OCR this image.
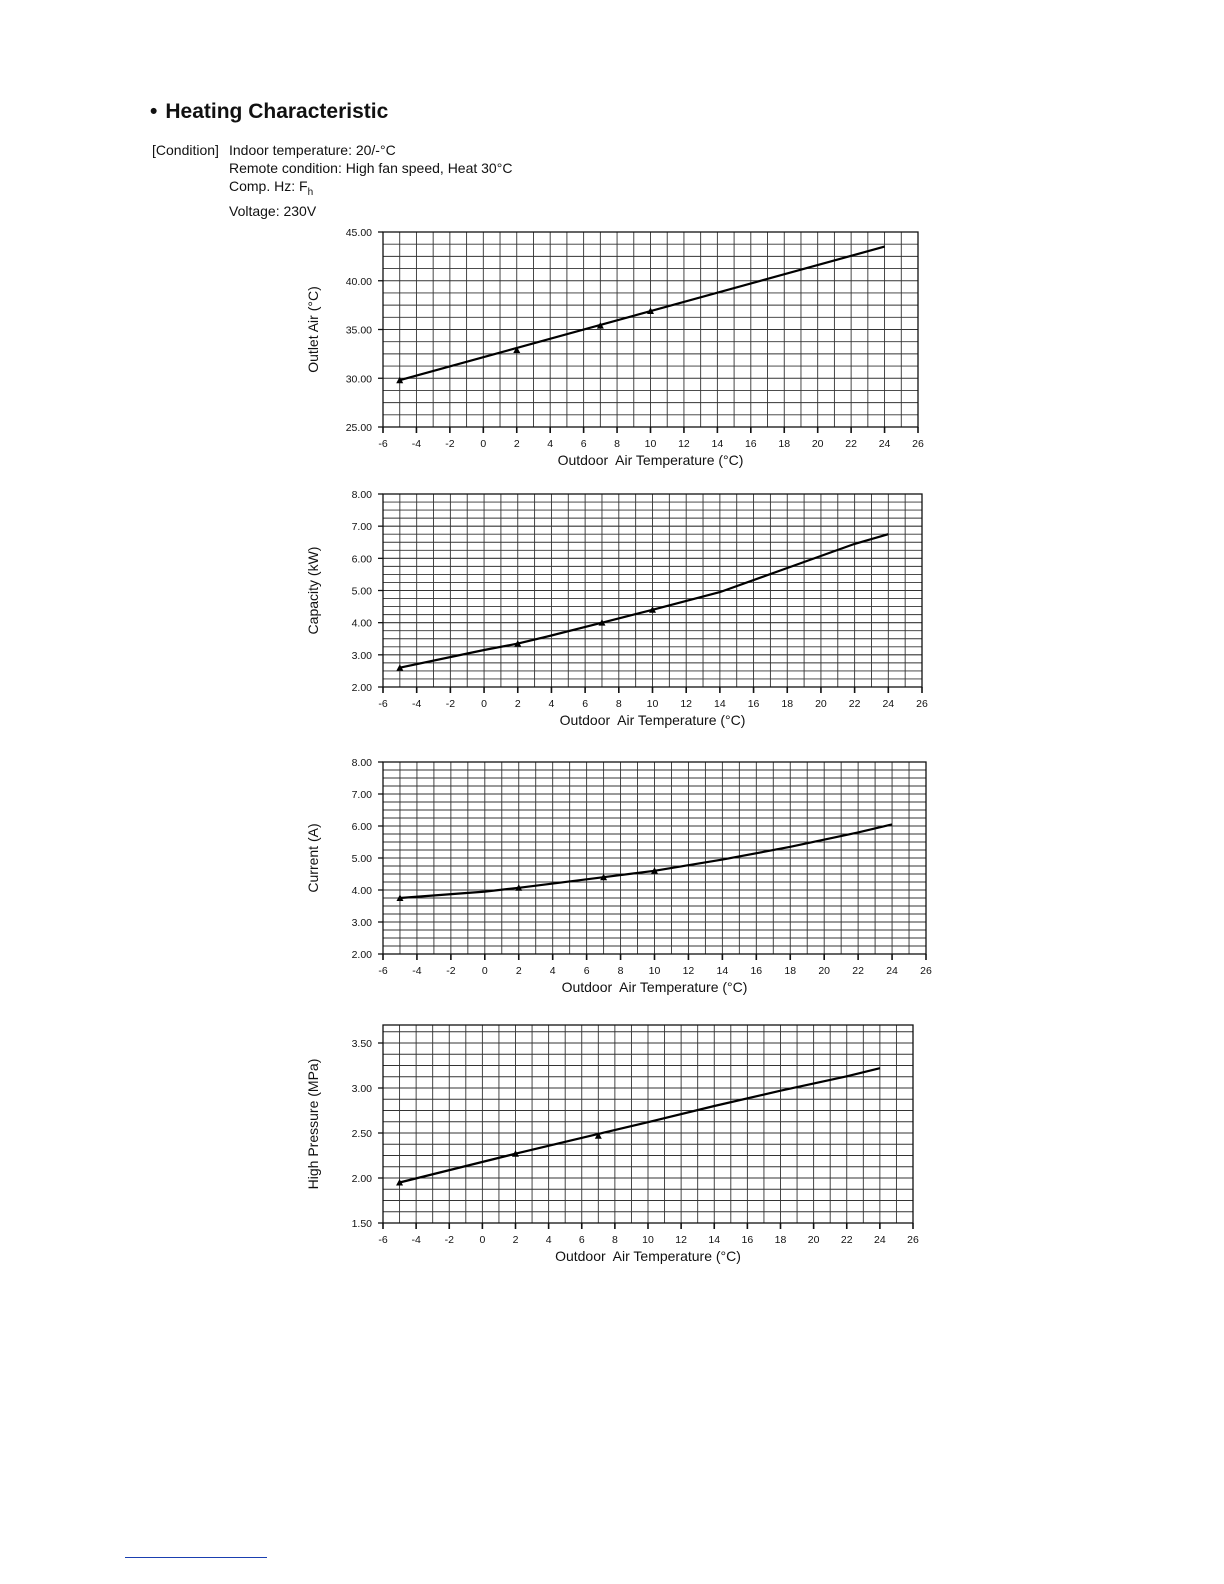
• Heating Characteristic
[Condition] Indoor temperature: 20/-°C
Remote condition: High fan speed, Heat 30°C
Comp. Hz: $F_h$
Voltage: 230V
-6 -4 -2 0	2	4	6	8 10 12 14 16 18 20 22 24 26
25.00
30.00
35.00
40.00
45.00
Outdoor  Air Temperature (°C)
Outlet Air (°C)
-6 -4 -2 0	2	4	6	8 10 12 14 16 18 20 22 24 26
2.00
3.00
4.00
5.00
6.00
7.00
8.00
Outdoor  Air Temperature (°C)
Capacity (kW)
-6 -4 -2	0	2	4	6	8 10 12 14 16 18 20 22 24 26
2.00
3.00
4.00
5.00
6.00
7.00
8.00
Outdoor  Air Temperature (°C)
Current (A)
-6 -4 -2 0	2	4	6	8 10 12 14 16 18 20 22 24 26
1.50
2.00
2.50
3.00
3.50
Outdoor  Air Temperature (°C)
High Pressure (MPa)
